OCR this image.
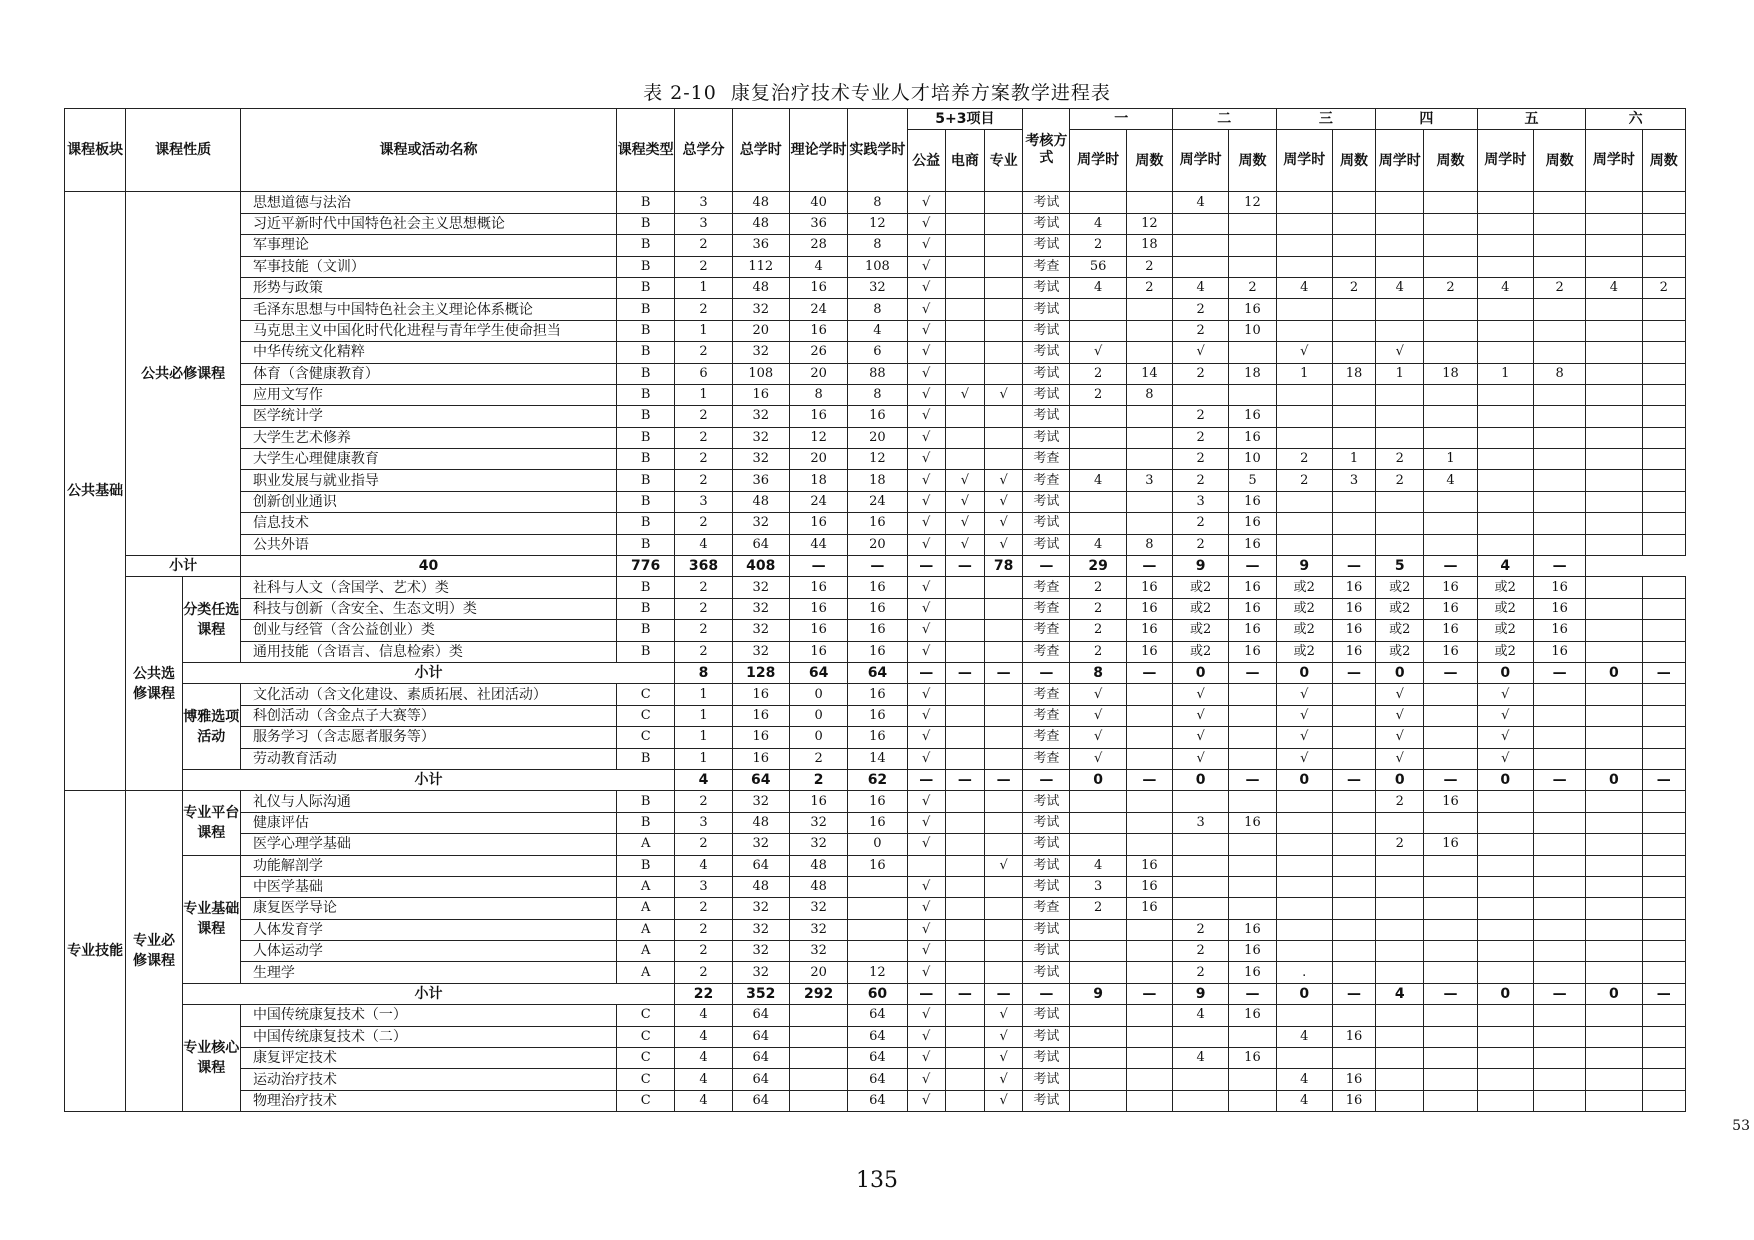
表 2-10  康复治疗技术专业人才培养方案教学进程表
课程板块	课程性质		课程或活动名称	课程类型	总学分	总学时	理论学时	实践学时	5+3项目			考核方式	一		二		三		四		五		六	
									公益	电商	专业		周学时	周数	周学时	周数	周学时	周数	周学时	周数	周学时	周数	周学时	周数
公共基础	公共必修课程		思想道德与法治	B	3	48	40	8	√			考试			4	12								
			习近平新时代中国特色社会主义思想概论	B	3	48	36	12	√			考试	4	12										
			军事理论	B	2	36	28	8	√			考试	2	18										
			军事技能（文训）	B	2	112	4	108	√			考查	56	2										
			形势与政策	B	1	48	16	32	√			考试	4	2	4	2	4	2	4	2	4	2	4	2
			毛泽东思想与中国特色社会主义理论体系概论	B	2	32	24	8	√			考试			2	16								
			马克思主义中国化时代化进程与青年学生使命担当	B	1	20	16	4	√			考试			2	10								
			中华传统文化精粹	B	2	32	26	6	√			考试	√		√		√		√					
			体育（含健康教育）	B	6	108	20	88	√			考试	2	14	2	18	1	18	1	18	1	8		
			应用文写作	B	1	16	8	8	√	√	√	考试	2	8										
			医学统计学	B	2	32	16	16	√			考试			2	16								
			大学生艺术修养	B	2	32	12	20	√			考试			2	16								
			大学生心理健康教育	B	2	32	20	12	√			考查			2	10	2	1	2	1				
			职业发展与就业指导	B	2	36	18	18	√	√	√	考查	4	3	2	5	2	3	2	4				
			创新创业通识	B	3	48	24	24	√	√	√	考试			3	16								
			信息技术	B	2	32	16	16	√	√	√	考试			2	16								
			公共外语	B	4	64	44	20	√	√	√	考试	4	8	2	16								
	小计		40	776	368	408	—	—	—	—	78	—	29	—	9	—	9	—	5	—	4	—		
	公共选修课程	分类任选课程	社科与人文（含国学、艺术）类	B	2	32	16	16	√			考查	2	16	或2	16	或2	16	或2	16	或2	16		
			科技与创新（含安全、生态文明）类	B	2	32	16	16	√			考查	2	16	或2	16	或2	16	或2	16	或2	16		
			创业与经管（含公益创业）类	B	2	32	16	16	√			考查	2	16	或2	16	或2	16	或2	16	或2	16		
			通用技能（含语言、信息检索）类	B	2	32	16	16	√			考查	2	16	或2	16	或2	16	或2	16	或2	16		
		小计			8	128	64	64	—	—	—	—	8	—	0	—	0	—	0	—	0	—	0	—
		博雅选项活动	文化活动（含文化建设、素质拓展、社团活动）	C	1	16	0	16	√			考查	√		√		√		√		√			
			科创活动（含金点子大赛等）	C	1	16	0	16	√			考查	√		√		√		√		√			
			服务学习（含志愿者服务等）	C	1	16	0	16	√			考查	√		√		√		√		√			
			劳动教育活动	B	1	16	2	14	√			考查	√		√		√		√		√			
		小计			4	64	2	62	—	—	—	—	0	—	0	—	0	—	0	—	0	—	0	—
专业技能	专业必修课程	专业平台课程	礼仪与人际沟通	B	2	32	16	16	√			考试							2	16				
			健康评估	B	3	48	32	16	√			考试			3	16								
			医学心理学基础	A	2	32	32	0	√			考试							2	16				
		专业基础课程	功能解剖学	B	4	64	48	16			√	考试	4	16										
			中医学基础	A	3	48	48		√			考试	3	16										
			康复医学导论	A	2	32	32		√			考查	2	16										
			人体发育学	A	2	32	32		√			考试			2	16								
			人体运动学	A	2	32	32		√			考试			2	16								
			生理学	A	2	32	20	12	√			考试			2	16	.							
		小计			22	352	292	60	—	—	—	—	9	—	9	—	0	—	4	—	0	—	0	—
		专业核心课程	中国传统康复技术（一）	C	4	64		64	√		√	考试			4	16								
			中国传统康复技术（二）	C	4	64		64	√		√	考试					4	16						
			康复评定技术	C	4	64		64	√		√	考试			4	16								
			运动治疗技术	C	4	64		64	√		√	考试					4	16						
			物理治疗技术	C	4	64		64	√		√	考试					4	16						
53
135
